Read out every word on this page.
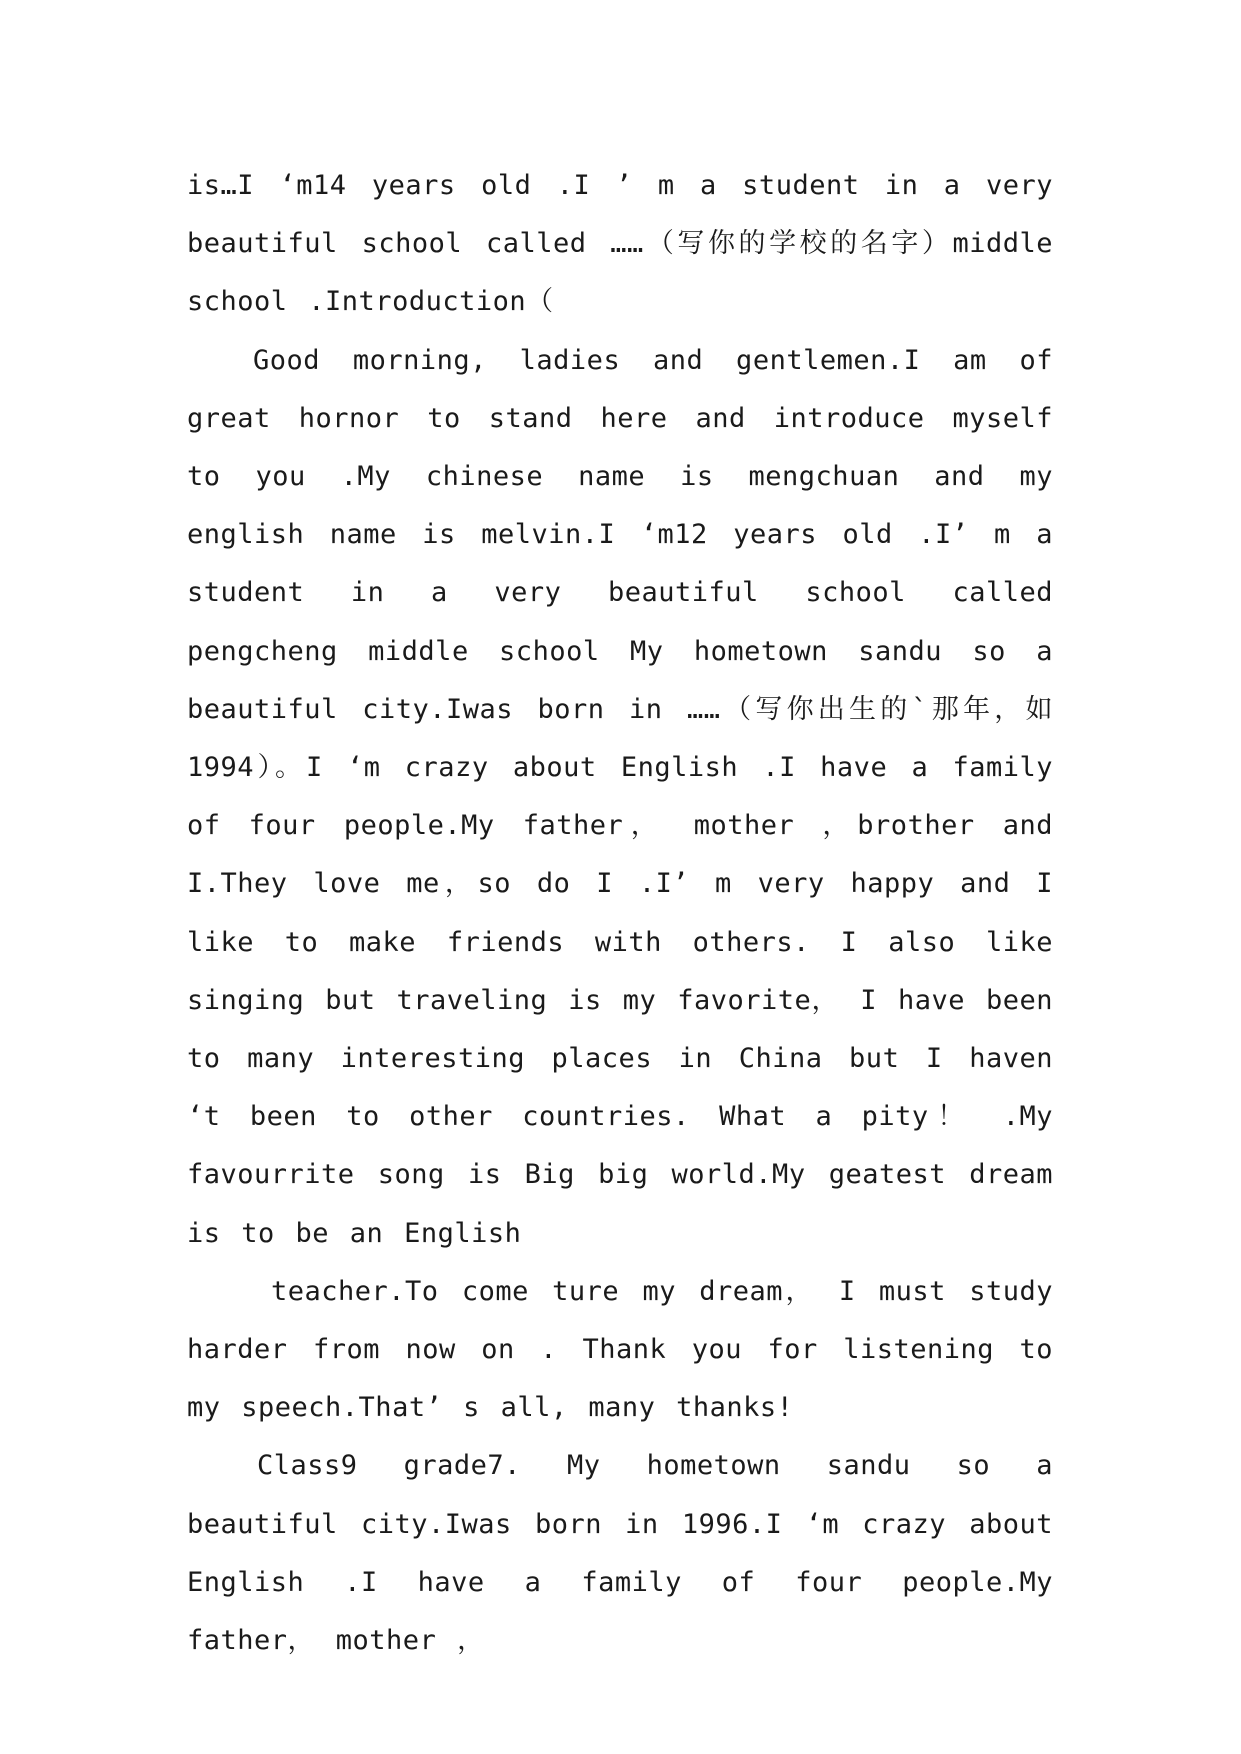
is…I ‘m14 years old .I ’ m a student in a very beautiful school called ……（写你的学校的名字）middle school .Introduction（

Good morning, ladies and gentlemen.I am of great hornor to stand here and introduce myself to you .My chinese name is mengchuan and my english name is melvin.I ‘m12 years old .I’ m a student in a very beautiful school called pengcheng middle school My hometown sandu so a beautiful city.Iwas born in ……（写你出生的`那年，如 1994）。I ‘m crazy about English .I have a family of four people.My father， mother ，brother and I.They love me，so do I .I’ m very happy and I like to make friends with others. I also like singing but traveling is my favorite， I have been to many interesting places in China but I haven ‘t been to other countries. What a pity！ .My favourrite song is Big big world.My geatest dream is to be an English

teacher.To come ture my dream， I must study harder from now on . Thank you for listening to my speech.That’ s all, many thanks!

Class9 grade7. My hometown sandu so a beautiful city.Iwas born in 1996.I ‘m crazy about English .I have a family of four people.My father， mother ，
